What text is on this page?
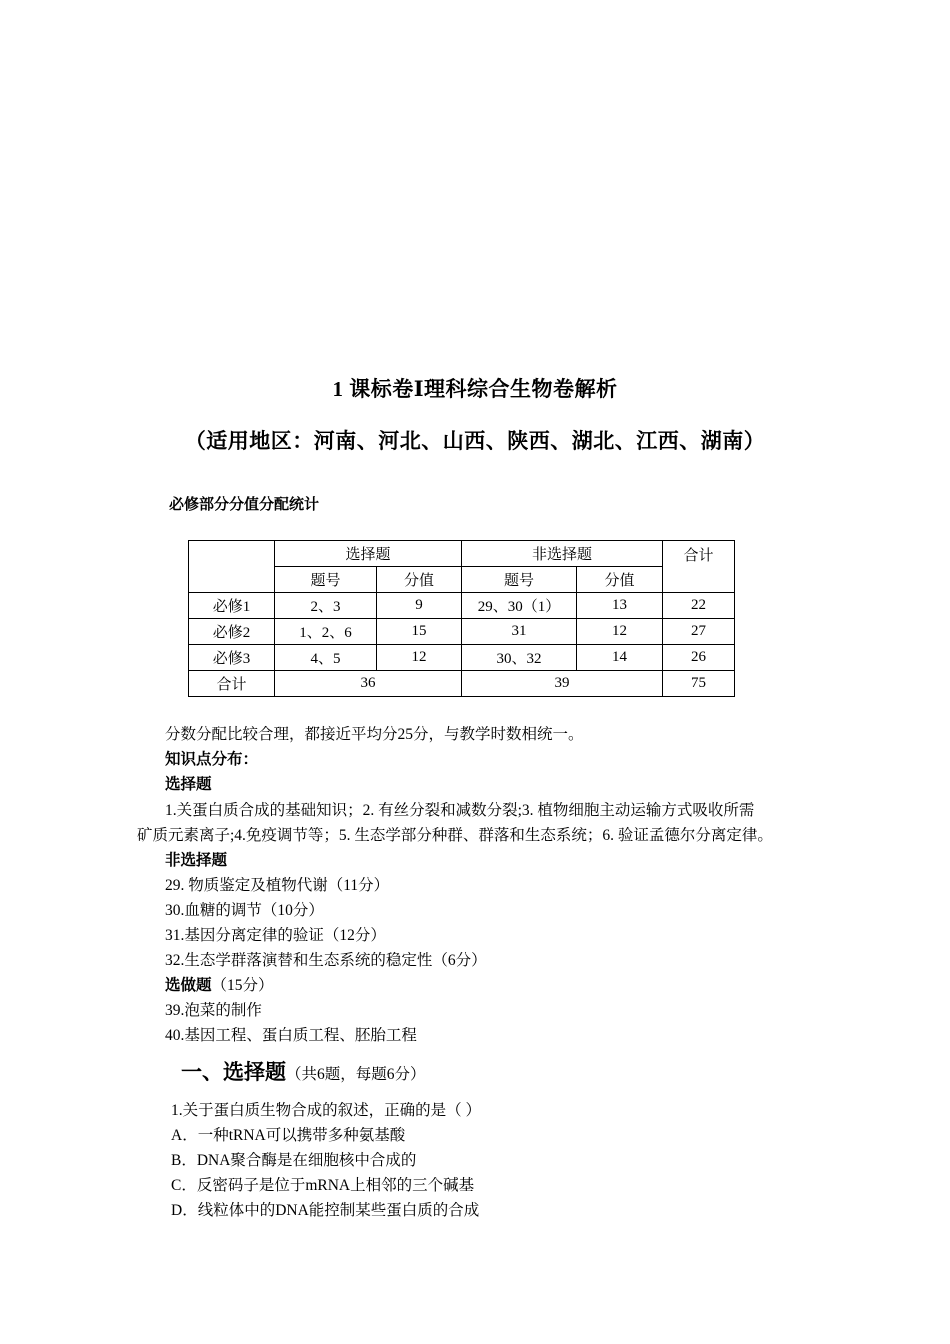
1 课标卷Ⅰ理科综合生物卷解析
（适用地区：河南、河北、山西、陕西、湖北、江西、湖南）
必修部分分值分配统计
	选择题		非选择题		合计
	题号	分值	题号	分值	
必修1	2、3	9	29、30（1）	13	22
必修2	1、2、6	15	31	12	27
必修3	4、5	12	30、32	14	26
合计	36		39		75
分数分配比较合理，都接近平均分25分，与教学时数相统一。
知识点分布：
选择题
1.关蛋白质合成的基础知识；2. 有丝分裂和减数分裂;3. 植物细胞主动运输方式吸收所需
矿质元素离子;4.免疫调节等；5. 生态学部分种群、群落和生态系统；6. 验证孟德尔分离定律。
非选择题
29. 物质鉴定及植物代谢（11分）
30.血糖的调节（10分）
31.基因分离定律的验证（12分）
32.生态学群落演替和生态系统的稳定性（6分）
选做题（15分）
39.泡菜的制作
40.基因工程、蛋白质工程、胚胎工程
一、选择题（共6题，每题6分）
1.关于蛋白质生物合成的叙述，正确的是（ ）
A．一种tRNA可以携带多种氨基酸
B．DNA聚合酶是在细胞核中合成的
C．反密码子是位于mRNA上相邻的三个碱基
D．线粒体中的DNA能控制某些蛋白质的合成
